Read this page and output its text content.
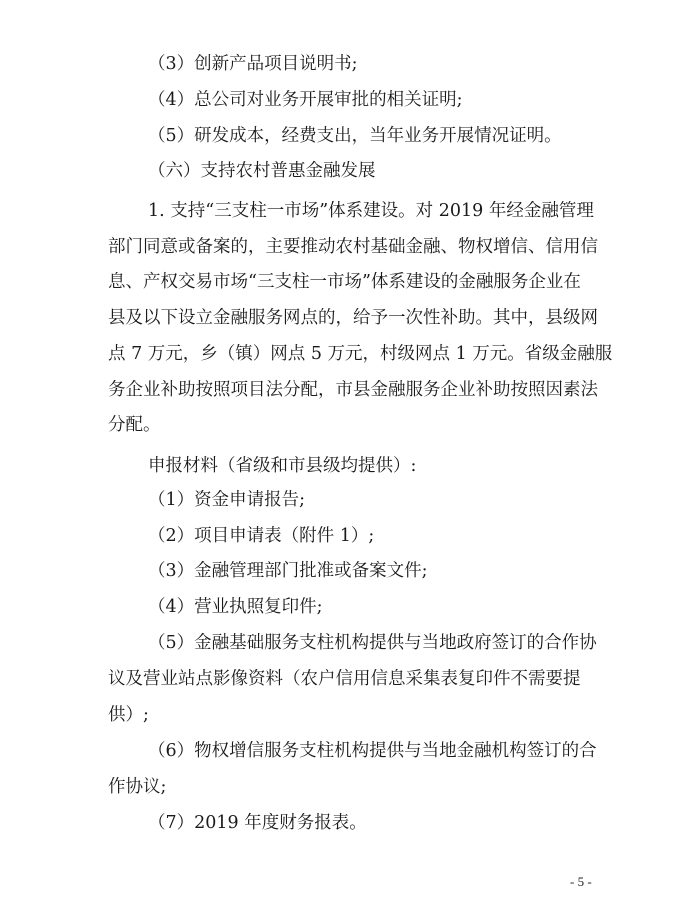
（3）创新产品项目说明书;
（4）总公司对业务开展审批的相关证明;
（5）研发成本，经费支出，当年业务开展情况证明。
（六）支持农村普惠金融发展
1. 支持“三支柱一市场”体系建设。对 2019 年经金融管理
部门同意或备案的，主要推动农村基础金融、物权增信、信用信
息、产权交易市场“三支柱一市场”体系建设的金融服务企业在
县及以下设立金融服务网点的，给予一次性补助。其中，县级网
点 7 万元，乡（镇）网点 5 万元，村级网点 1 万元。省级金融服
务企业补助按照项目法分配，市县金融服务企业补助按照因素法
分配。
申报材料（省级和市县级均提供）:
（1）资金申请报告;
（2）项目申请表（附件 1）;
（3）金融管理部门批准或备案文件;
（4）营业执照复印件;
（5）金融基础服务支柱机构提供与当地政府签订的合作协
议及营业站点影像资料（农户信用信息采集表复印件不需要提
供）;
（6）物权增信服务支柱机构提供与当地金融机构签订的合
作协议;
（7）2019 年度财务报表。
- 5 -
